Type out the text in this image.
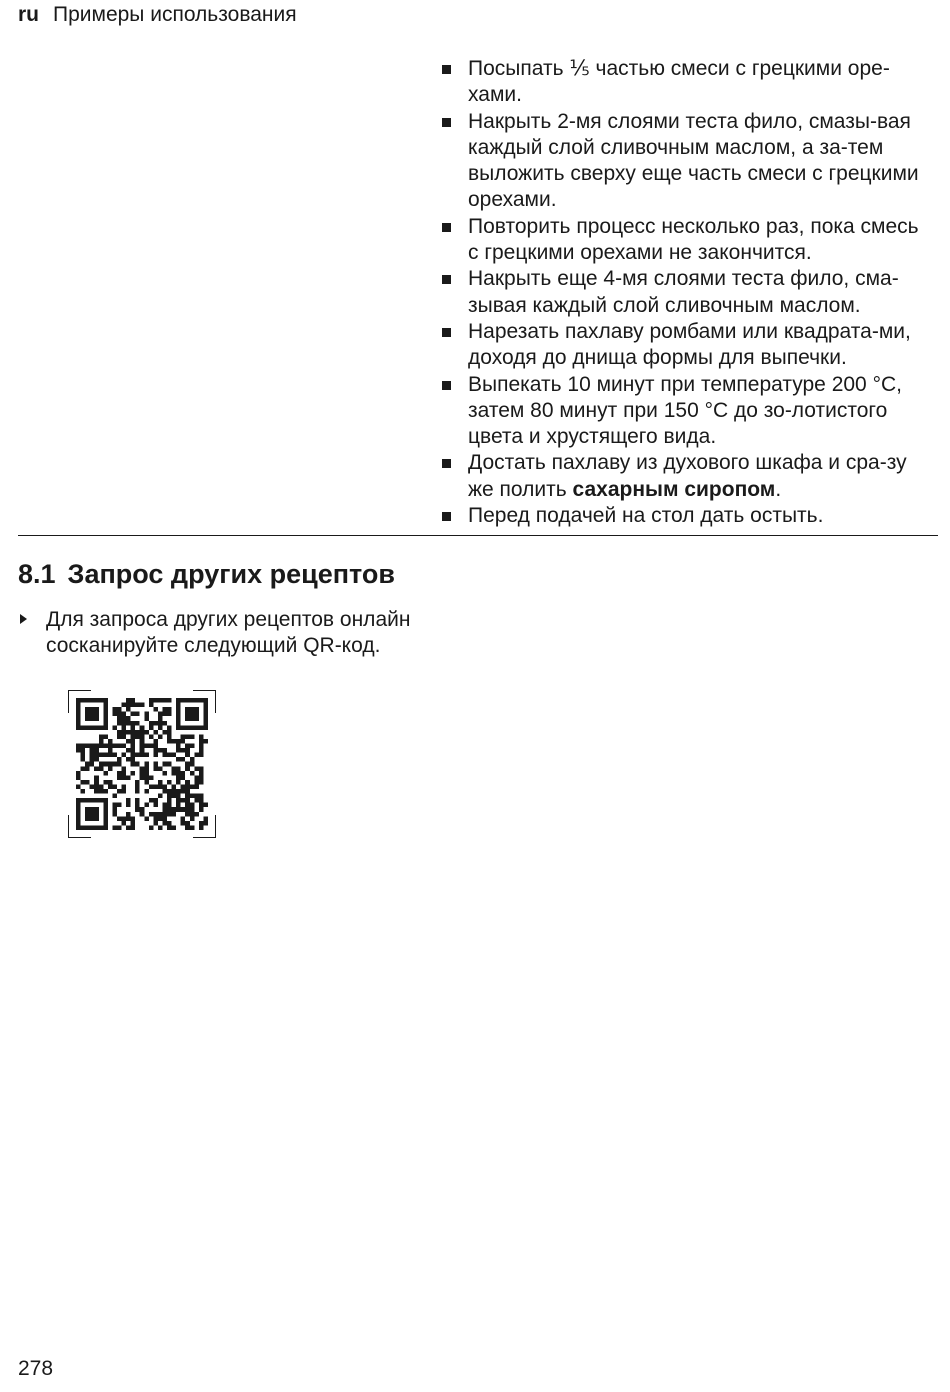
ru Примеры использования
Посыпать ⅕ частью смеси с грецкими оре-хами.
Накрыть 2-мя слоями теста фило, смазы-вая каждый слой сливочным маслом, а за-тем выложить сверху еще часть смеси с грецкими орехами.
Повторить процесс несколько раз, пока смесь с грецкими орехами не закончится.
Накрыть еще 4-мя слоями теста фило, сма-зывая каждый слой сливочным маслом.
Нарезать пахлаву ромбами или квадрата-ми, доходя до днища формы для выпечки.
Выпекать 10 минут при температуре 200 °C, затем 80 минут при 150 °C до зо-лотистого цвета и хрустящего вида.
Достать пахлаву из духового шкафа и сра-зу же полить сахарным сиропом.
Перед подачей на стол дать остыть.
8.1 Запрос других рецептов
Для запроса других рецептов онлайн сосканируйте следующий QR-код.
278
